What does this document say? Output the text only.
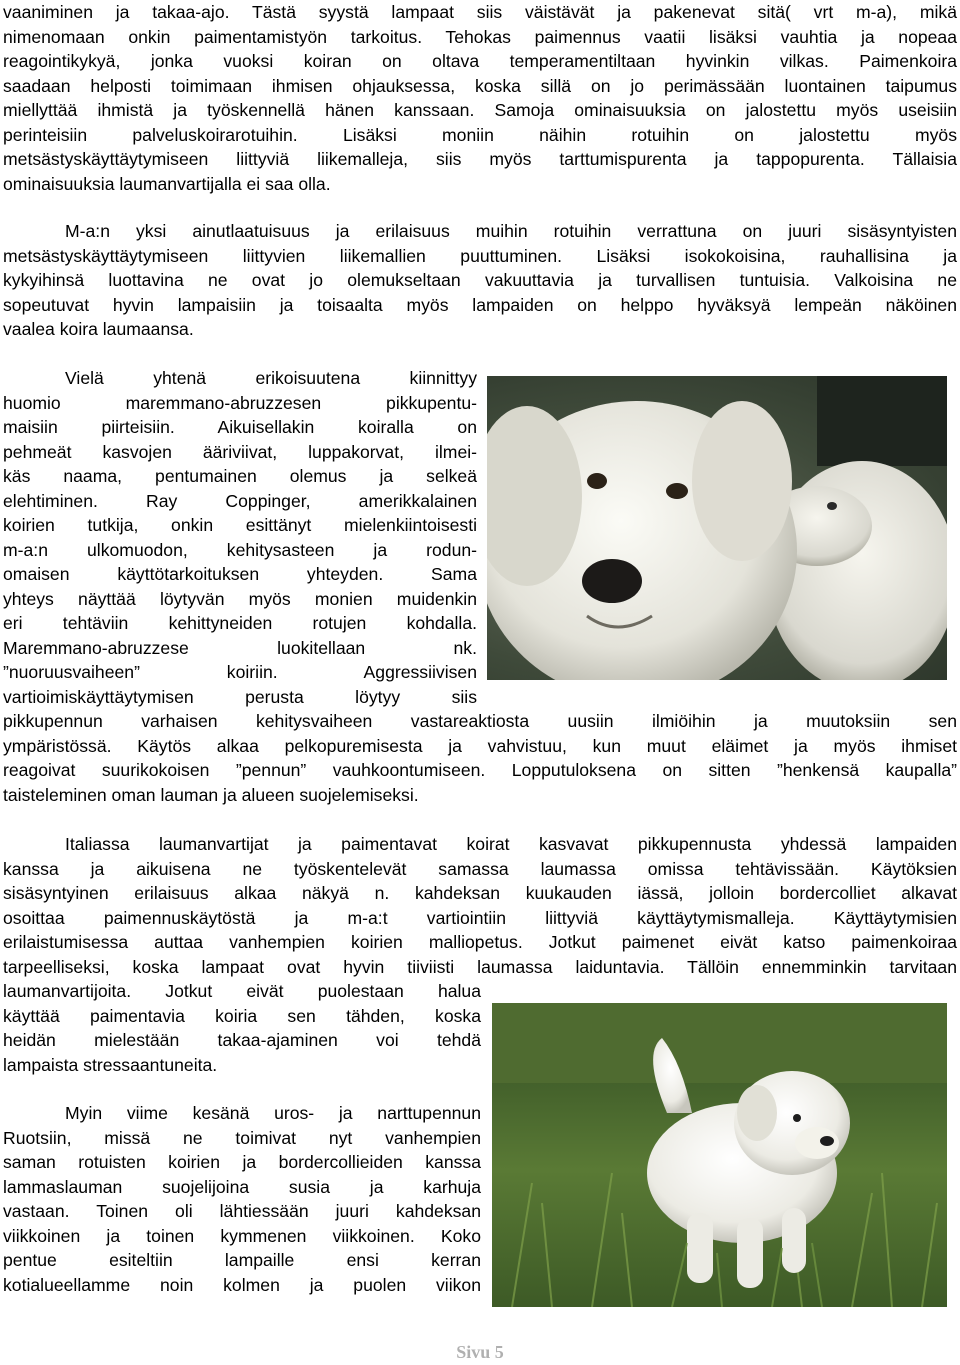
vaaniminen ja takaa-ajo. Tästä syystä lampaat siis väistävät ja pakenevat sitä( vrt m-a), mikä

nimenomaan onkin paimentamistyön tarkoitus. Tehokas paimennus vaatii lisäksi vauhtia ja nopeaa

reagointikykyä, jonka vuoksi koiran on oltava temperamentiltaan hyvinkin vilkas. Paimenkoira

saadaan helposti toimimaan ihmisen ohjauksessa, koska sillä on jo perimässään luontainen taipumus

miellyttää ihmistä ja työskennellä hänen kanssaan. Samoja ominaisuuksia on jalostettu myös useisiin

perinteisiin palveluskoirarotuihin. Lisäksi moniin näihin rotuihin on jalostettu myös

metsästyskäyttäytymiseen liittyviä liikemalleja, siis myös tarttumispurenta ja tappopurenta. Tällaisia

ominaisuuksia laumanvartijalla ei saa olla.

M-a:n yksi ainutlaatuisuus ja erilaisuus muihin rotuihin verrattuna on juuri sisäsyntyisten

metsästyskäyttäytymiseen liittyvien liikemallien puuttuminen. Lisäksi isokokoisina, rauhallisina ja

kykyihinsä luottavina ne ovat jo olemukseltaan vakuuttavia ja turvallisen tuntuisia. Valkoisina ne

sopeutuvat hyvin lampaisiin ja toisaalta myös lampaiden on helppo hyväksyä lempeän näköinen

vaalea koira laumaansa.

Vielä yhtenä erikoisuutena kiinnittyy

huomio maremmano-abruzzesen pikkupentu-

maisiin piirteisiin. Aikuisellakin koiralla on

pehmeät kasvojen ääriviivat, luppakorvat, ilmei-

käs naama, pentumainen olemus ja selkeä

elehtiminen. Ray Coppinger, amerikkalainen

koirien tutkija, onkin esittänyt mielenkiintoisesti

m-a:n ulkomuodon, kehitysasteen ja rodun-

omaisen käyttötarkoituksen yhteyden. Sama

yhteys näyttää löytyvän myös monien muidenkin

eri tehtäviin kehittyneiden rotujen kohdalla.

Maremmano-abruzzese luokitellaan nk.

”nuoruusvaiheen” koiriin. Aggressiivisen

vartioimiskäyttäytymisen perusta löytyy siis

pikkupennun varhaisen kehitysvaiheen vastareaktiosta uusiin ilmiöihin ja muutoksiin sen

ympäristössä. Käytös alkaa pelkopuremisesta ja vahvistuu, kun muut eläimet ja myös ihmiset

reagoivat suurikokoisen ”pennun” vauhkoontumiseen. Lopputuloksena on sitten ”henkensä kaupalla”

taisteleminen oman lauman ja alueen suojelemiseksi.

Italiassa laumanvartijat ja paimentavat koirat kasvavat pikkupennusta yhdessä lampaiden

kanssa ja aikuisena ne työskentelevät samassa laumassa omissa tehtävissään. Käytöksien

sisäsyntyinen erilaisuus alkaa näkyä n. kahdeksan kuukauden iässä, jolloin bordercolliet alkavat

osoittaa paimennuskäytöstä ja m-a:t vartiointiin liittyviä käyttäytymismalleja. Käyttäytymisien

erilaistumisessa auttaa vanhempien koirien malliopetus. Jotkut paimenet eivät katso paimenkoiraa

tarpeelliseksi, koska lampaat ovat hyvin tiiviisti laumassa laiduntavia. Tällöin ennemminkin tarvitaan

laumanvartijoita. Jotkut eivät puolestaan halua

käyttää paimentavia koiria sen tähden, koska

heidän mielestään takaa-ajaminen voi tehdä

lampaista stressaantuneita.

Myin viime kesänä uros- ja narttupennun

Ruotsiin, missä ne toimivat nyt vanhempien

saman rotuisten koirien ja bordercollieiden kanssa

lammaslauman suojelijoina susia ja karhuja

vastaan. Toinen oli lähtiessään juuri kahdeksan

viikkoinen ja toinen kymmenen viikkoinen. Koko

pentue esiteltiin lampaille ensi kerran

kotialueellamme noin kolmen ja puolen viikon

Sivu 5
